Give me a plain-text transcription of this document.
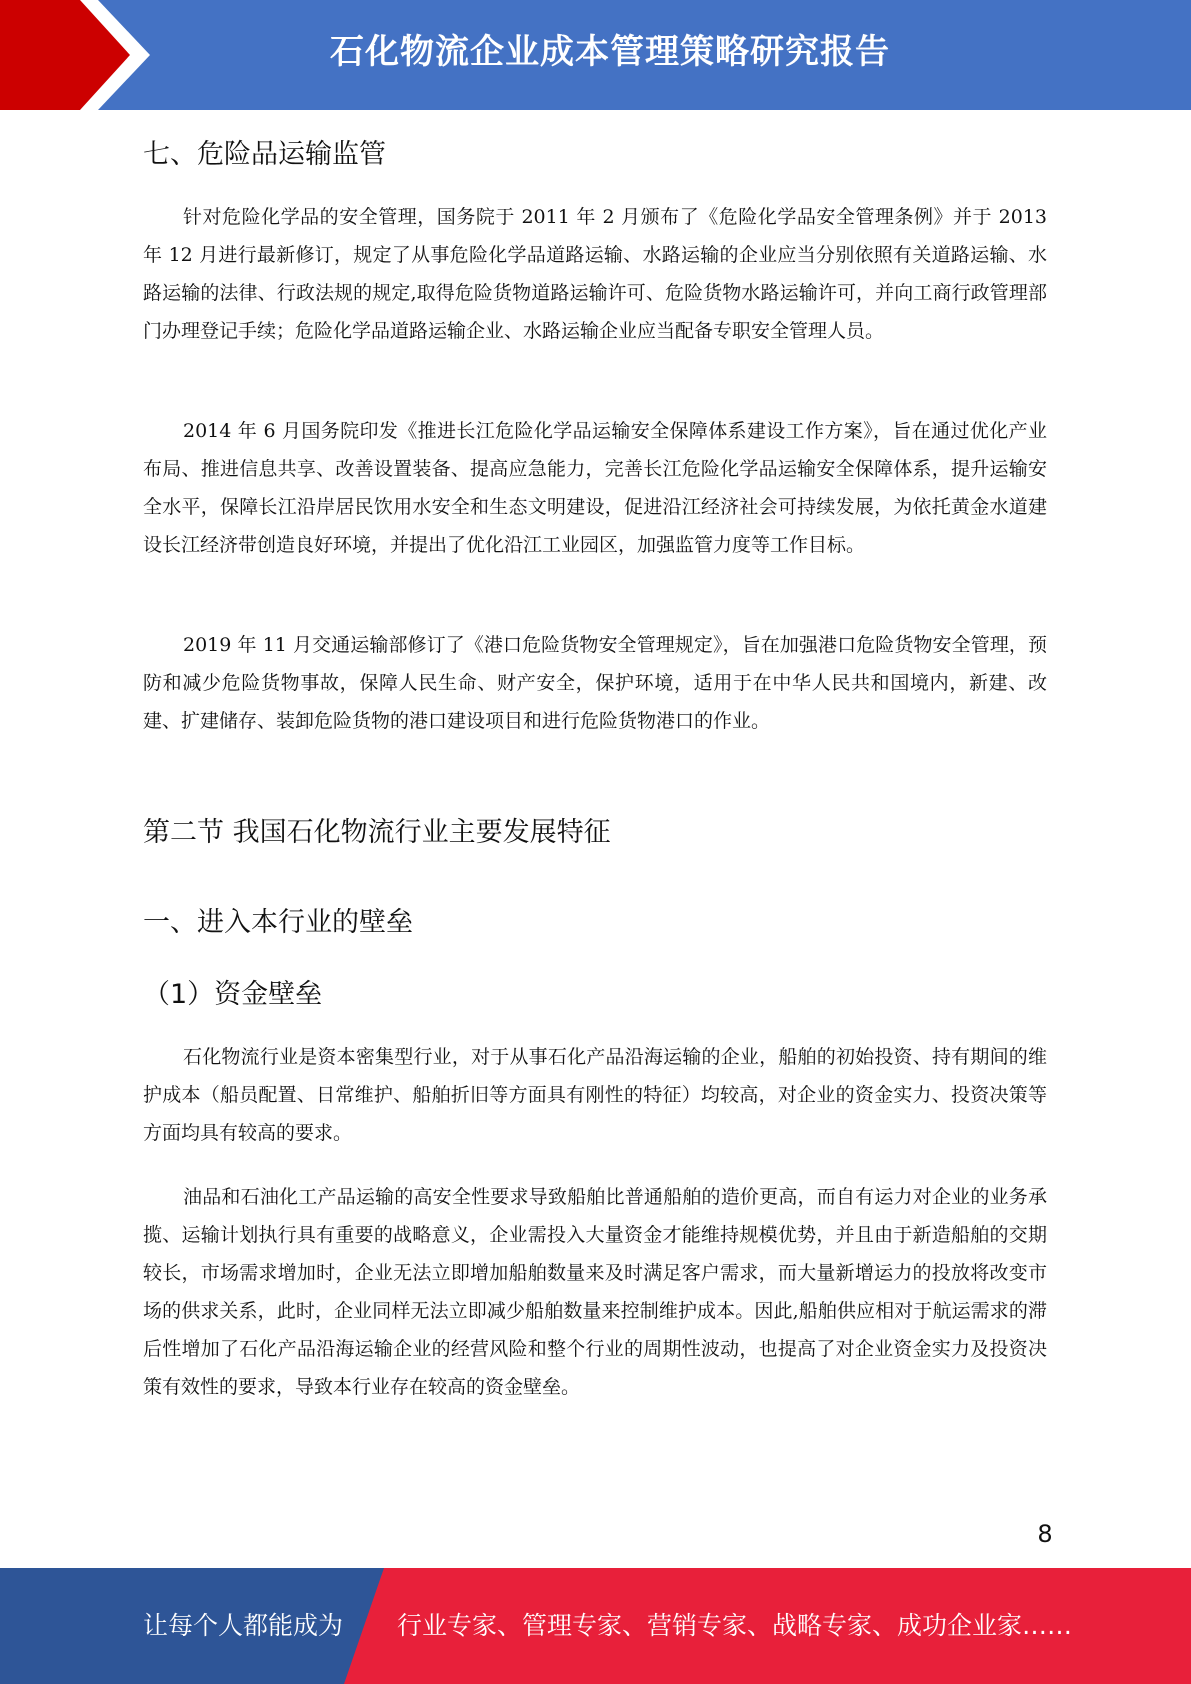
石化物流企业成本管理策略研究报告
七、危险品运输监管

针对危险化学品的安全管理，国务院于 2011 年 2 月颁布了《危险化学品安全管理条例》并于 2013 年 12 月进行最新修订，规定了从事危险化学品道路运输、水路运输的企业应当分别依照有关道路运输、水路运输的法律、行政法规的规定,取得危险货物道路运输许可、危险货物水路运输许可，并向工商行政管理部门办理登记手续；危险化学品道路运输企业、水路运输企业应当配备专职安全管理人员。

2014 年 6 月国务院印发《推进长江危险化学品运输安全保障体系建设工作方案》，旨在通过优化产业布局、推进信息共享、改善设置装备、提高应急能力，完善长江危险化学品运输安全保障体系，提升运输安全水平，保障长江沿岸居民饮用水安全和生态文明建设，促进沿江经济社会可持续发展，为依托黄金水道建设长江经济带创造良好环境，并提出了优化沿江工业园区，加强监管力度等工作目标。

2019 年 11 月交通运输部修订了《港口危险货物安全管理规定》，旨在加强港口危险货物安全管理，预防和减少危险货物事故，保障人民生命、财产安全，保护环境，适用于在中华人民共和国境内，新建、改建、扩建储存、装卸危险货物的港口建设项目和进行危险货物港口的作业。

第二节 我国石化物流行业主要发展特征
一、进入本行业的壁垒
（1）资金壁垒

石化物流行业是资本密集型行业，对于从事石化产品沿海运输的企业，船舶的初始投资、持有期间的维护成本（船员配置、日常维护、船舶折旧等方面具有刚性的特征）均较高，对企业的资金实力、投资决策等方面均具有较高的要求。

油品和石油化工产品运输的高安全性要求导致船舶比普通船舶的造价更高，而自有运力对企业的业务承揽、运输计划执行具有重要的战略意义，企业需投入大量资金才能维持规模优势，并且由于新造船舶的交期较长，市场需求增加时，企业无法立即增加船舶数量来及时满足客户需求，而大量新增运力的投放将改变市场的供求关系，此时，企业同样无法立即减少船舶数量来控制维护成本。因此,船舶供应相对于航运需求的滞后性增加了石化产品沿海运输企业的经营风险和整个行业的周期性波动，也提高了对企业资金实力及投资决策有效性的要求，导致本行业存在较高的资金壁垒。

8
让每个人都能成为 行业专家、管理专家、营销专家、战略专家、成功企业家……
